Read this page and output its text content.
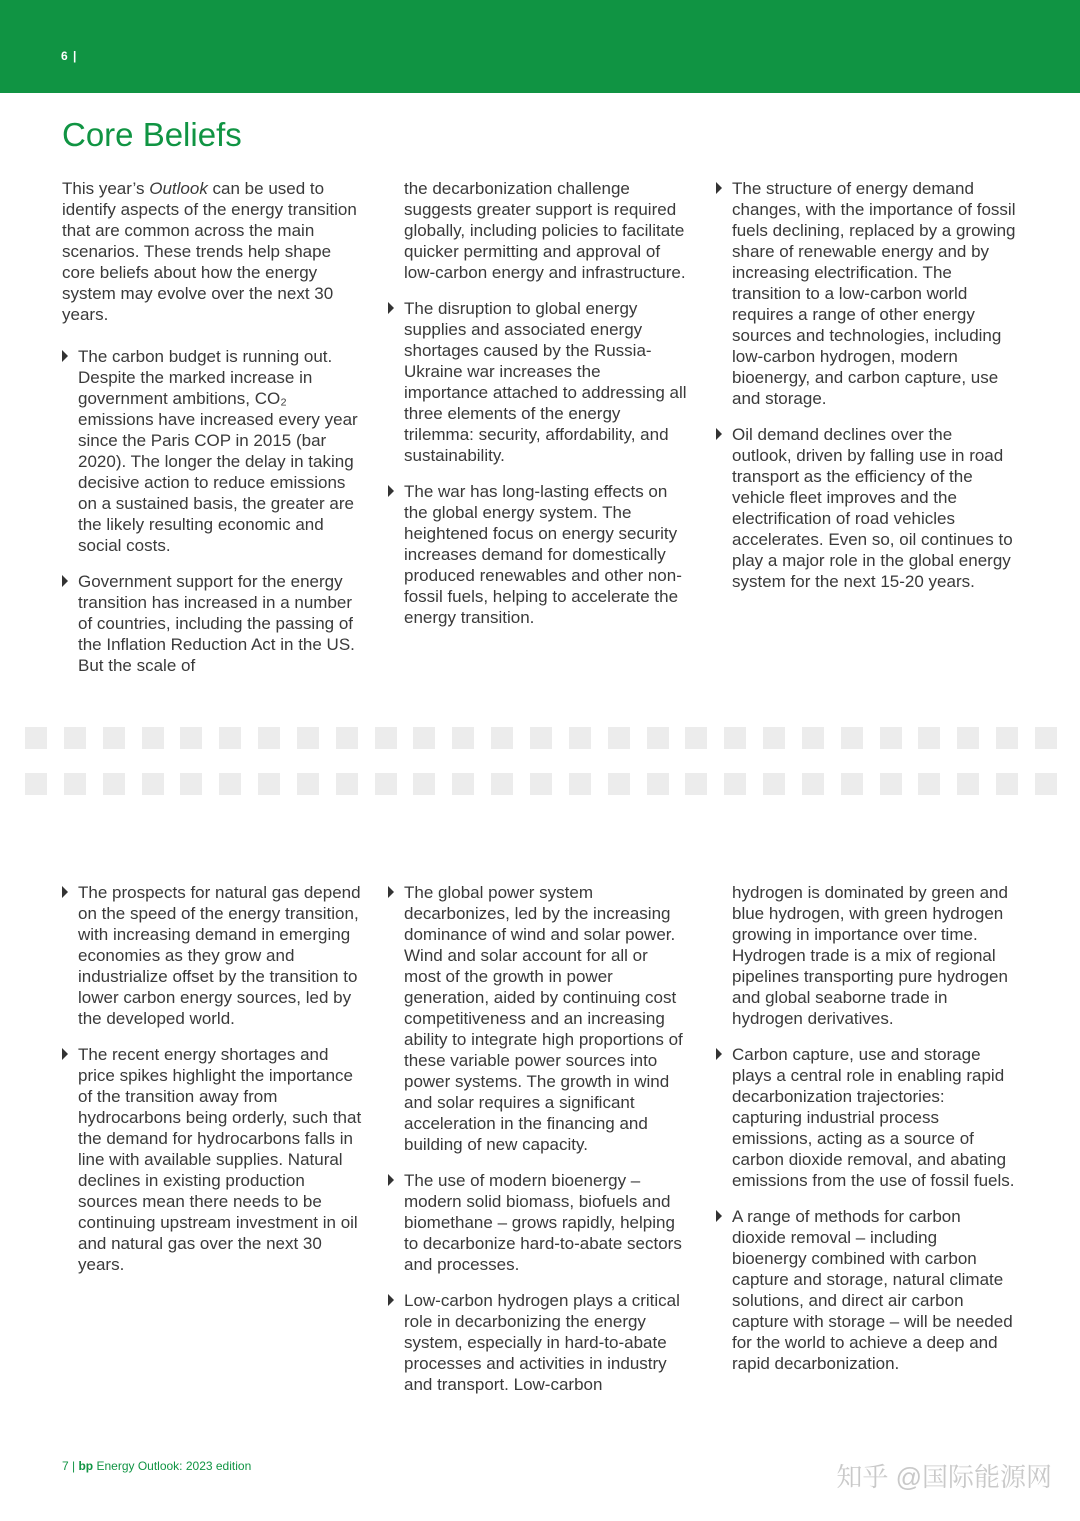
6 |
Core Beliefs

This year’s Outlook can be used to identify aspects of the energy transition that are common across the main scenarios. These trends help shape core beliefs about how the energy system may evolve over the next 30 years.

The carbon budget is running out. Despite the marked increase in government ambitions, CO₂ emissions have increased every year since the Paris COP in 2015 (bar 2020). The longer the delay in taking decisive action to reduce emissions on a sustained basis, the greater are the likely resulting economic and social costs.
Government support for the energy transition has increased in a number of countries, including the passing of the Inflation Reduction Act in the US. But the scale of

the decarbonization challenge suggests greater support is required globally, including policies to facilitate quicker permitting and approval of low-carbon energy and infrastructure.

The disruption to global energy supplies and associated energy shortages caused by the Russia-Ukraine war increases the importance attached to addressing all three elements of the energy trilemma: security, affordability, and sustainability.
The war has long-lasting effects on the global energy system. The heightened focus on energy security increases demand for domestically produced renewables and other non-fossil fuels, helping to accelerate the energy transition.
The structure of energy demand changes, with the importance of fossil fuels declining, replaced by a growing share of renewable energy and by increasing electrification. The transition to a low-carbon world requires a range of other energy sources and technologies, including low-carbon hydrogen, modern bioenergy, and carbon capture, use and storage.
Oil demand declines over the outlook, driven by falling use in road transport as the efficiency of the vehicle fleet improves and the electrification of road vehicles accelerates. Even so, oil continues to play a major role in the global energy system for the next 15-20 years.
The prospects for natural gas depend on the speed of the energy transition, with increasing demand in emerging economies as they grow and industrialize offset by the transition to lower carbon energy sources, led by the developed world.
The recent energy shortages and price spikes highlight the importance of the transition away from hydrocarbons being orderly, such that the demand for hydrocarbons falls in line with available supplies. Natural declines in existing production sources mean there needs to be continuing upstream investment in oil and natural gas over the next 30 years.
The global power system decarbonizes, led by the increasing dominance of wind and solar power. Wind and solar account for all or most of the growth in power generation, aided by continuing cost competitiveness and an increasing ability to integrate high proportions of these variable power sources into power systems. The growth in wind and solar requires a significant acceleration in the financing and building of new capacity.
The use of modern bioenergy – modern solid biomass, biofuels and biomethane – grows rapidly, helping to decarbonize hard-to-abate sectors and processes.
Low-carbon hydrogen plays a critical role in decarbonizing the energy system, especially in hard-to-abate processes and activities in industry and transport. Low-carbon

hydrogen is dominated by green and blue hydrogen, with green hydrogen growing in importance over time. Hydrogen trade is a mix of regional pipelines transporting pure hydrogen and global seaborne trade in hydrogen derivatives.

Carbon capture, use and storage plays a central role in enabling rapid decarbonization trajectories: capturing industrial process emissions, acting as a source of carbon dioxide removal, and abating emissions from the use of fossil fuels.
A range of methods for carbon dioxide removal – including bioenergy combined with carbon capture and storage, natural climate solutions, and direct air carbon capture with storage – will be needed for the world to achieve a deep and rapid decarbonization.
7 | bp Energy Outlook: 2023 edition	知乎 @国际能源网
